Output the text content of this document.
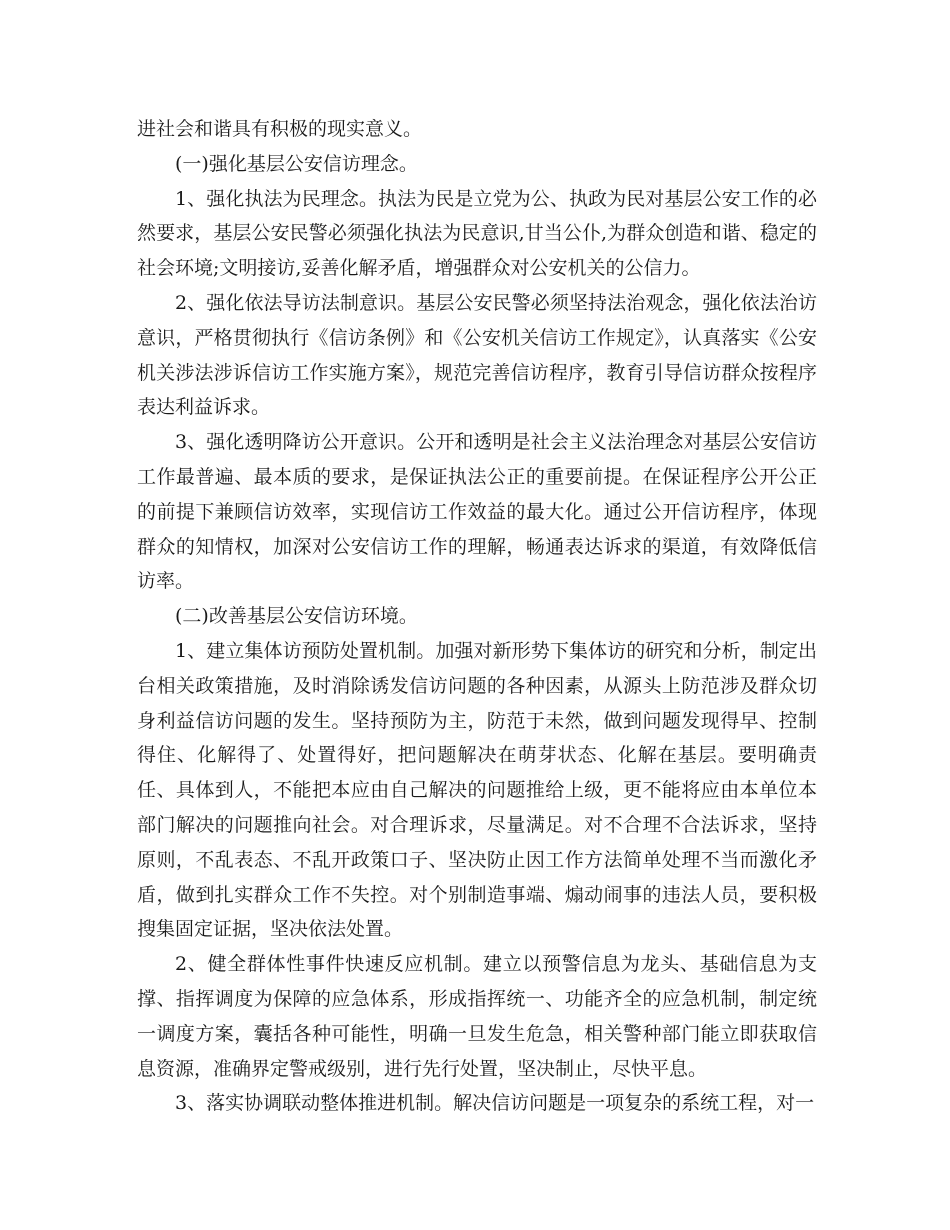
进社会和谐具有积极的现实意义。

(一)强化基层公安信访理念。

1、强化执法为民理念。执法为民是立党为公、执政为民对基层公安工作的必然要求，基层公安民警必须强化执法为民意识,甘当公仆,为群众创造和谐、稳定的社会环境;文明接访,妥善化解矛盾，增强群众对公安机关的公信力。

2、强化依法导访法制意识。基层公安民警必须坚持法治观念，强化依法治访意识，严格贯彻执行《信访条例》和《公安机关信访工作规定》，认真落实《公安机关涉法涉诉信访工作实施方案》，规范完善信访程序，教育引导信访群众按程序表达利益诉求。

3、强化透明降访公开意识。公开和透明是社会主义法治理念对基层公安信访工作最普遍、最本质的要求，是保证执法公正的重要前提。在保证程序公开公正的前提下兼顾信访效率，实现信访工作效益的最大化。通过公开信访程序，体现群众的知情权，加深对公安信访工作的理解，畅通表达诉求的渠道，有效降低信访率。

(二)改善基层公安信访环境。

1、建立集体访预防处置机制。加强对新形势下集体访的研究和分析，制定出台相关政策措施，及时消除诱发信访问题的各种因素，从源头上防范涉及群众切身利益信访问题的发生。坚持预防为主，防范于未然，做到问题发现得早、控制得住、化解得了、处置得好，把问题解决在萌芽状态、化解在基层。要明确责任、具体到人，不能把本应由自己解决的问题推给上级，更不能将应由本单位本部门解决的问题推向社会。对合理诉求，尽量满足。对不合理不合法诉求，坚持原则，不乱表态、不乱开政策口子、坚决防止因工作方法简单处理不当而激化矛盾，做到扎实群众工作不失控。对个别制造事端、煽动闹事的违法人员，要积极搜集固定证据，坚决依法处置。

2、健全群体性事件快速反应机制。建立以预警信息为龙头、基础信息为支撑、指挥调度为保障的应急体系，形成指挥统一、功能齐全的应急机制，制定统一调度方案，囊括各种可能性，明确一旦发生危急，相关警种部门能立即获取信息资源，准确界定警戒级别，进行先行处置，坚决制止，尽快平息。

3、落实协调联动整体推进机制。解决信访问题是一项复杂的系统工程，对一
